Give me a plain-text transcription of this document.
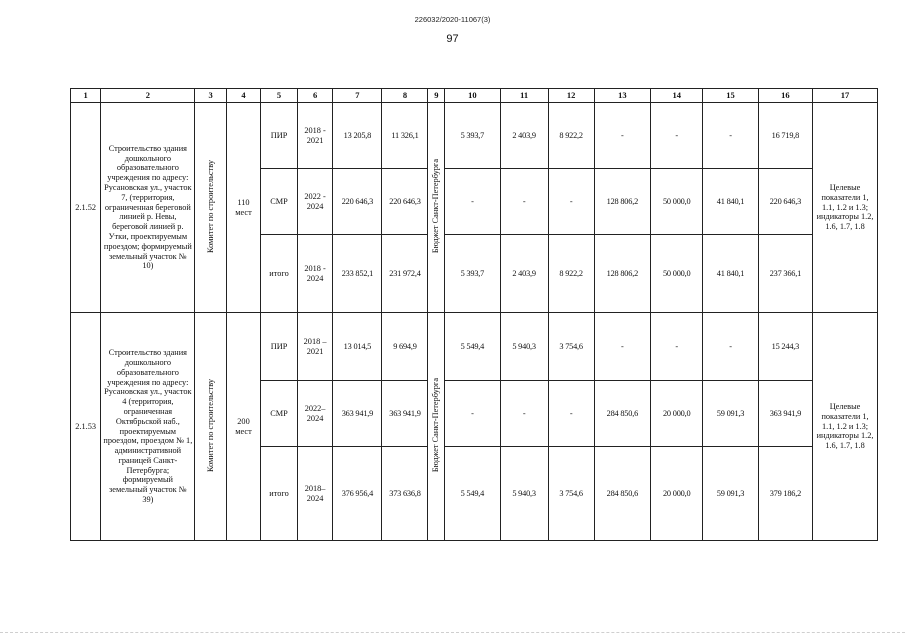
226032/2020-11067(3)
97
1	2	3	4	5	6	7	8	9	10	11	12	13	14	15	16	17
2.1.52	Строительство здания дошкольного образовательного учреждения по адресу: Русановская ул., участок 7, (территория, ограниченная береговой линией р. Невы, береговой линией р. Утки, проектируемым проездом; формируемый земельный участок № 10)	Комитет по строительству	110 мест	ПИР	2018 - 2021	13 205,8	11 326,1	Бюджет Санкт-Петербурга	5 393,7	2 403,9	8 922,2	-	-	-	16 719,8	Целевые показатели 1, 1.1, 1.2 и 1.3; индикаторы 1.2, 1.6, 1.7, 1.8
				СМР	2022 - 2024	220 646,3	220 646,3		-	-	-	128 806,2	50 000,0	41 840,1	220 646,3	
				итого	2018 - 2024	233 852,1	231 972,4		5 393,7	2 403,9	8 922,2	128 806,2	50 000,0	41 840,1	237 366,1	
2.1.53	Строительство здания дошкольного образовательного учреждения по адресу: Русановская ул., участок 4 (территория, ограниченная Октябрьской наб., проектируемым проездом, проездом № 1, административной границей Санкт-Петербурга; формируемый земельный участок № 39)	Комитет по строительству	200 мест	ПИР	2018 – 2021	13 014,5	9 694,9	Бюджет Санкт-Петербурга	5 549,4	5 940,3	3 754,6	-	-	-	15 244,3	Целевые показатели 1, 1.1, 1.2 и 1.3; индикаторы 1.2, 1.6, 1.7, 1.8
				СМР	2022– 2024	363 941,9	363 941,9		-	-	-	284 850,6	20 000,0	59 091,3	363 941,9	
				итого	2018– 2024	376 956,4	373 636,8		5 549,4	5 940,3	3 754,6	284 850,6	20 000,0	59 091,3	379 186,2	
